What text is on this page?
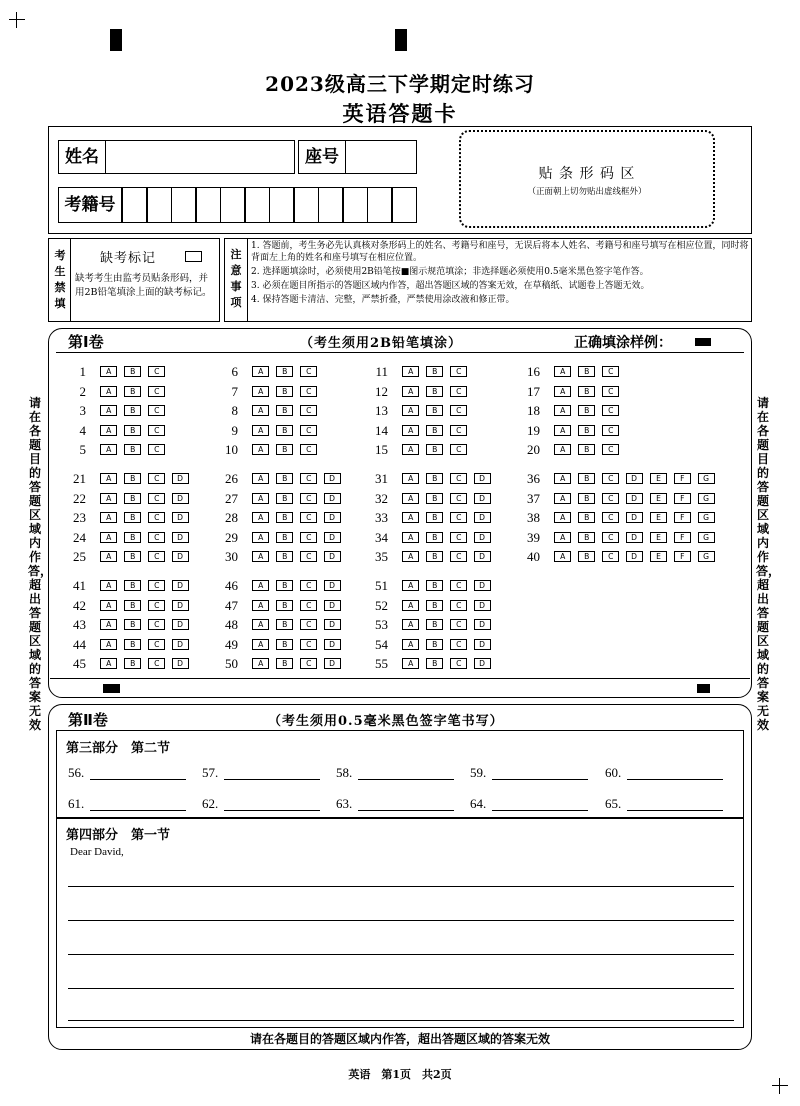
2023级高三下学期定时练习
英语答题卡
姓名	座号
考籍号
贴 条 形 码 区
（正面朝上切勿贴出虚线框外）
考生禁填
缺考标记
缺考考生由监考员贴条形码，并用2B铅笔填涂上面的缺考标记。
注意事项
1. 答题前，考生务必先认真核对条形码上的姓名、考籍号和座号，无误后将本人姓名、考籍号和座号填写在相应位置，同时将背面左上角的姓名和座号填写在相应位置。
2. 选择题填涂时，必须使用2B铅笔按■图示规范填涂；非选择题必须使用0.5毫米黑色签字笔作答。
3. 必须在题目所指示的答题区域内作答，超出答题区域的答案无效，在草稿纸、试题卷上答题无效。
4. 保持答题卡清洁、完整，严禁折叠，严禁使用涂改液和修正带。
请在各题目的答题区域内作答，超出答题区域的答案无效
请在各题目的答题区域内作答，超出答题区域的答案无效
第Ⅰ卷	（考生须用2B铅笔填涂）	正确填涂样例：
1	A	B	C
2	A	B	C
3	A	B	C
4	A	B	C
5	A	B	C
6	A	B	C
7	A	B	C
8	A	B	C
9	A	B	C
10	A	B	C
11	A	B	C
12	A	B	C
13	A	B	C
14	A	B	C
15	A	B	C
16	A	B	C
17	A	B	C
18	A	B	C
19	A	B	C
20	A	B	C
21	A	B	C	D
22	A	B	C	D
23	A	B	C	D
24	A	B	C	D
25	A	B	C	D
26	A	B	C	D
27	A	B	C	D
28	A	B	C	D
29	A	B	C	D
30	A	B	C	D
31	A	B	C	D
32	A	B	C	D
33	A	B	C	D
34	A	B	C	D
35	A	B	C	D
36	A	B	C	D	E	F	G
37	A	B	C	D	E	F	G
38	A	B	C	D	E	F	G
39	A	B	C	D	E	F	G
40	A	B	C	D	E	F	G
41	A	B	C	D
42	A	B	C	D
43	A	B	C	D
44	A	B	C	D
45	A	B	C	D
46	A	B	C	D
47	A	B	C	D
48	A	B	C	D
49	A	B	C	D
50	A	B	C	D
51	A	B	C	D
52	A	B	C	D
53	A	B	C	D
54	A	B	C	D
55	A	B	C	D
第Ⅱ卷	（考生须用0.5毫米黑色签字笔书写）
第三部分　第二节
56.	57.	58.	59.	60.
61.	62.	63.	64.	65.
第四部分　第一节
Dear David,
请在各题目的答题区域内作答，超出答题区域的答案无效
英语　第1页　共2页
